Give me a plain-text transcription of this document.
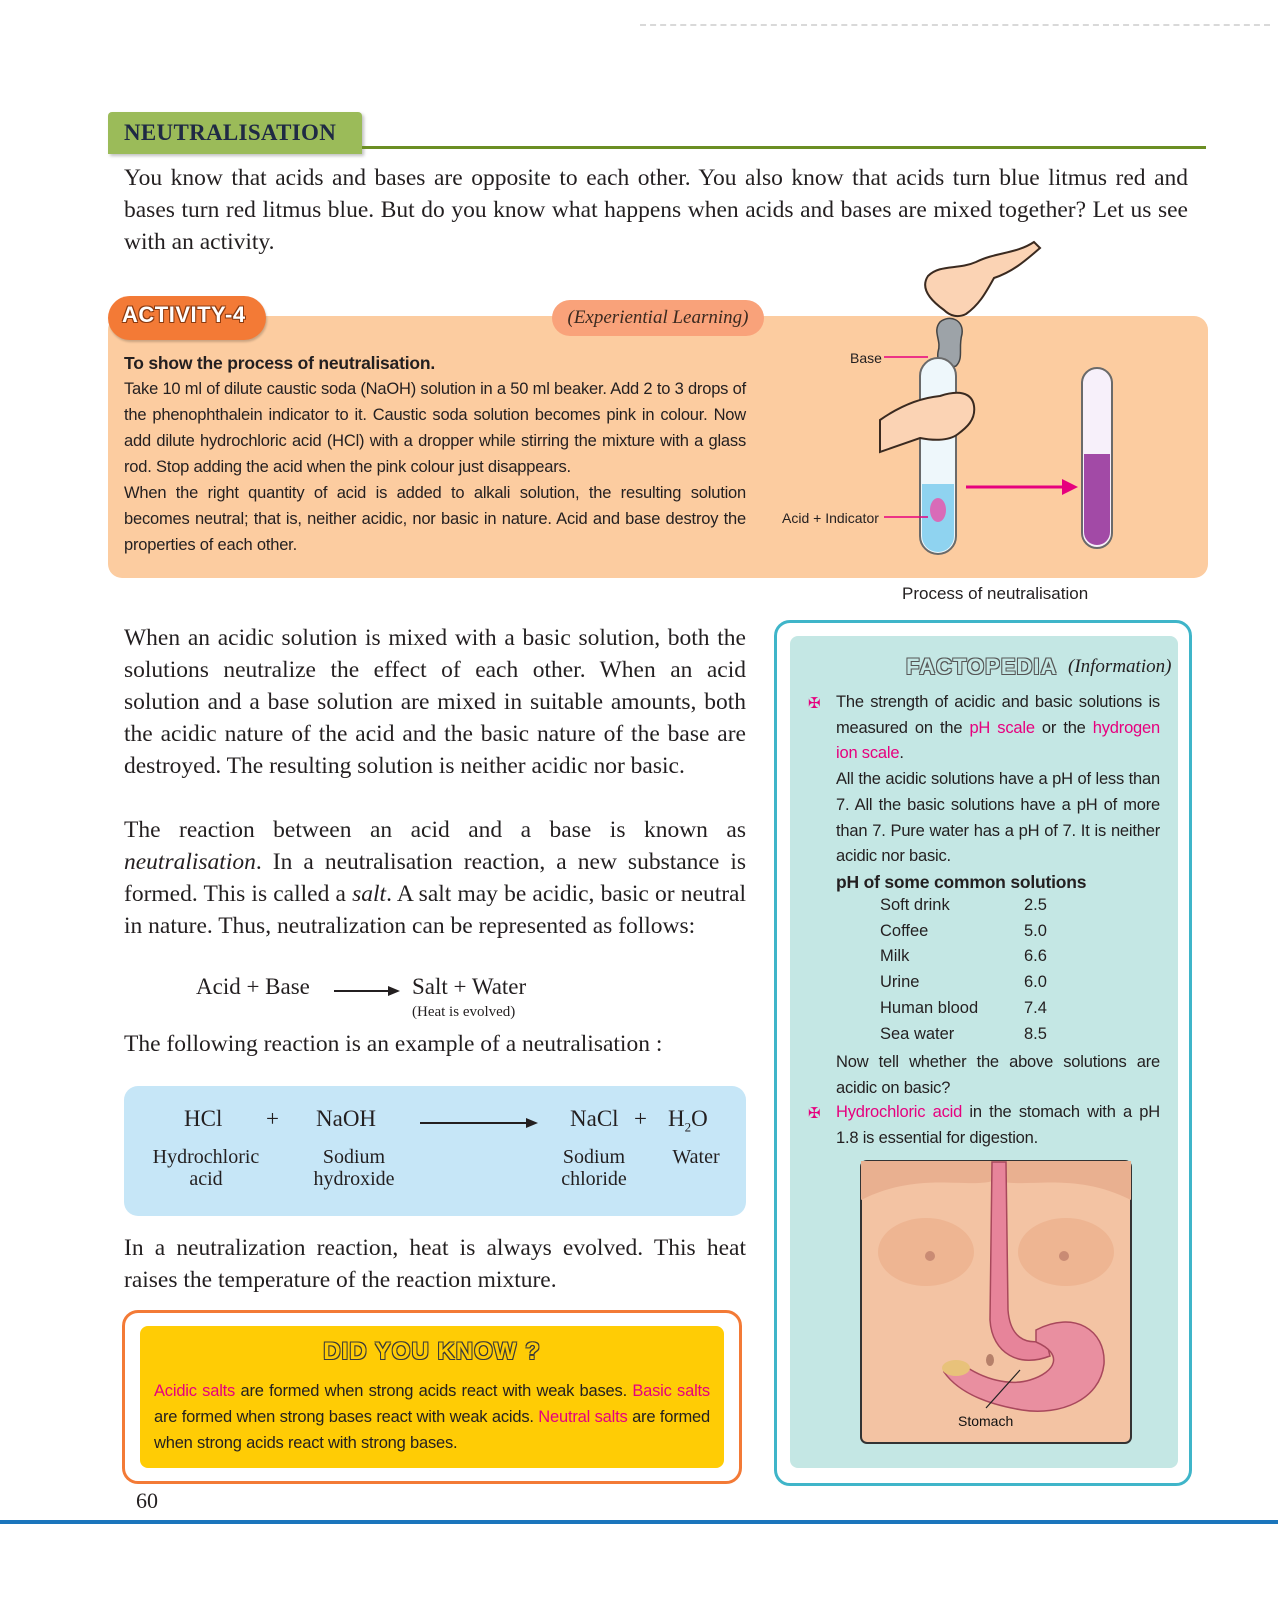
NEUTRALISATION

You know that acids and bases are opposite to each other. You also know that acids turn blue litmus red and bases turn red litmus blue. But do you know what happens when acids and bases are mixed together? Let us see with an activity.

ACTIVITY-4	(Experiential Learning)
To show the process of neutralisation.
Take 10 ml of dilute caustic soda (NaOH) solution in a 50 ml beaker. Add 2 to 3 drops of the phenophthalein indicator to it. Caustic soda solution becomes pink in colour. Now add dilute hydrochloric acid (HCl) with a dropper while stirring the mixture with a glass rod. Stop adding the acid when the pink colour just disappears.
When the right quantity of acid is added to alkali solution, the resulting solution becomes neutral; that is, neither acidic, nor basic in nature. Acid and base destroy the properties of each other.
Base
Acid + Indicator
Process of neutralisation

When an acidic solution is mixed with a basic solution, both the solutions neutralize the effect of each other. When an acid solution and a base solution are mixed in suitable amounts, both the acidic nature of the acid and the basic nature of the base are destroyed. The resulting solution is neither acidic nor basic.

The reaction between an acid and a base is known as neutralisation. In a neutralisation reaction, a new substance is formed. This is called a salt. A salt may be acidic, basic or neutral in nature. Thus, neutralization can be represented as follows:

Acid + Base	Salt + Water
(Heat is evolved)

The following reaction is an example of a neutralisation :

HCl + NaOH	NaCl + $H_2O$
Hydrochloric acid
Sodium hydroxide
Sodium chloride
Water

In a neutralization reaction, heat is always evolved. This heat raises the temperature of the reaction mixture.

DID YOU KNOW ?
Acidic salts are formed when strong acids react with weak bases. Basic salts are formed when strong bases react with weak acids. Neutral salts are formed when strong acids react with strong bases.
FACTOPEDIA (Information)
✠ The strength of acidic and basic solutions is measured on the pH scale or the hydrogen ion scale.
All the acidic solutions have a pH of less than 7. All the basic solutions have a pH of more than 7. Pure water has a pH of 7. It is neither acidic nor basic.
pH of some common solutions
Soft drink	2.5
Coffee	5.0
Milk	6.6
Urine	6.0
Human blood	7.4
Sea water	8.5
Now tell whether the above solutions are acidic on basic?
✠ Hydrochloric acid in the stomach with a pH 1.8 is essential for digestion.
Stomach
60
